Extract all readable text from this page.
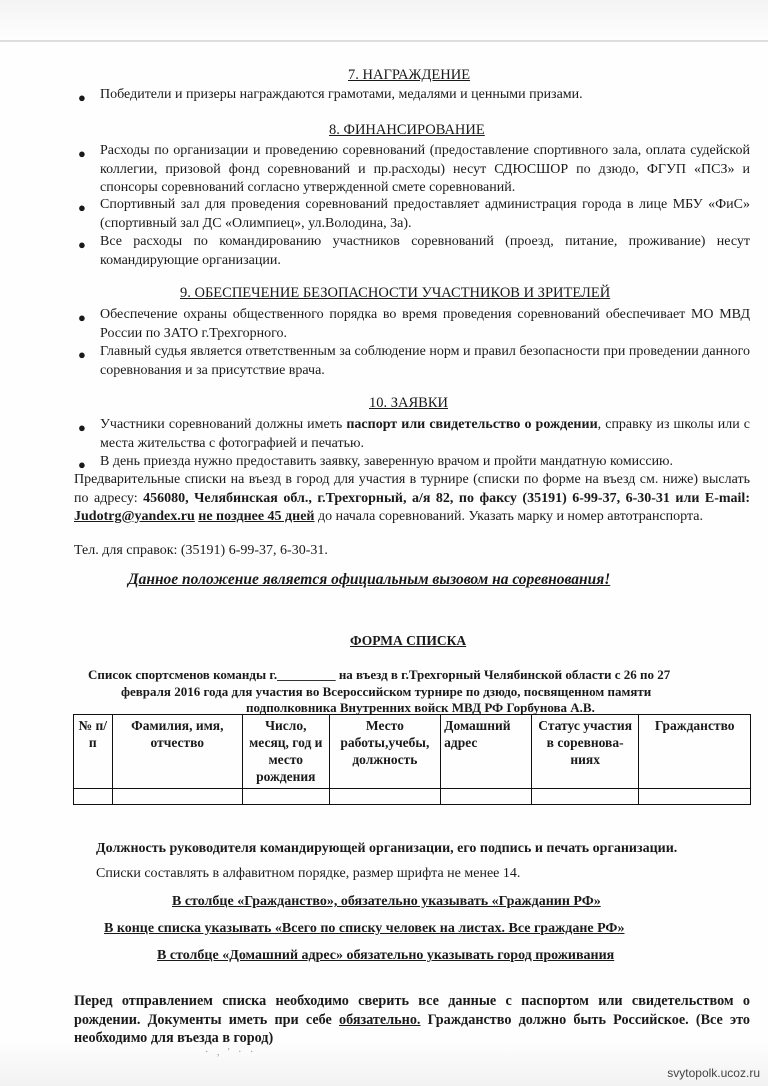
7. НАГРАЖДЕНИЕ
● Победители и призеры награждаются грамотами, медалями и ценными призами.
8. ФИНАНСИРОВАНИЕ
● Расходы по организации и проведению соревнований (предоставление спортивного зала, оплата судейской коллегии, призовой фонд соревнований и пр.расходы) несут СДЮСШОР по дзюдо, ФГУП «ПСЗ» и спонсоры соревнований согласно утвержденной смете соревнований.
● Спортивный зал для проведения соревнований предоставляет администрация города в лице МБУ «ФиС» (спортивный зал ДС «Олимпиец», ул.Володина, 3а).
● Все расходы по командированию участников соревнований (проезд, питание, проживание) несут командирующие организации.
9. ОБЕСПЕЧЕНИЕ БЕЗОПАСНОСТИ УЧАСТНИКОВ И ЗРИТЕЛЕЙ
● Обеспечение охраны общественного порядка во время проведения соревнований обеспечивает МО МВД России по ЗАТО г.Трехгорного.
● Главный судья является ответственным за соблюдение норм и правил безопасности при проведении данного соревнования и за присутствие врача.
10. ЗАЯВКИ
● Участники соревнований должны иметь паспорт или свидетельство о рождении, справку из школы или с места жительства с фотографией и печатью.
● В день приезда нужно предоставить заявку, заверенную врачом и пройти мандатную комиссию.
Предварительные списки на въезд в город для участия в турнире (списки по форме на въезд см. ниже) выслать по адресу: 456080, Челябинская обл., г.Трехгорный, а/я 82, по факсу (35191) 6-99-37, 6-30-31 или E-mail: Judotrg@yandex.ru не позднее 45 дней до начала соревнований. Указать марку и номер автотранспорта.
Тел. для справок: (35191) 6-99-37, 6-30-31.
Данное положение является официальным вызовом на соревнования!
ФОРМА СПИСКА
Список спортсменов команды г._________ на въезд в г.Трехгорный Челябинской области с 26 по 27
февраля 2016 года для участия во Всероссийском турнире по дзюдо, посвященном памяти
подполковника Внутренних войск МВД РФ Горбунова А.В.
№ п/п	Фамилия, имя, отчество	Число, месяц, год и место рождения	Место работы,учебы, должность	Домашний адрес	Статус участия в соревнова-ниях	Гражданство

Должность руководителя командирующей организации, его подпись и печать организации.
Списки составлять в алфавитном порядке, размер шрифта не менее 14.
В столбце «Гражданство», обязательно указывать «Гражданин РФ»
В конце списка указывать «Всего по списку человек на листах. Все граждане РФ»
В столбце «Домашний адрес» обязательно указывать город проживания
Перед отправлением списка необходимо сверить все данные с паспортом или свидетельством о рождении. Документы иметь при себе обязательно. Гражданство должно быть Российское. (Все это необходимо для въезда в город)
· , ' · ·
svytopolk.ucoz.ru
